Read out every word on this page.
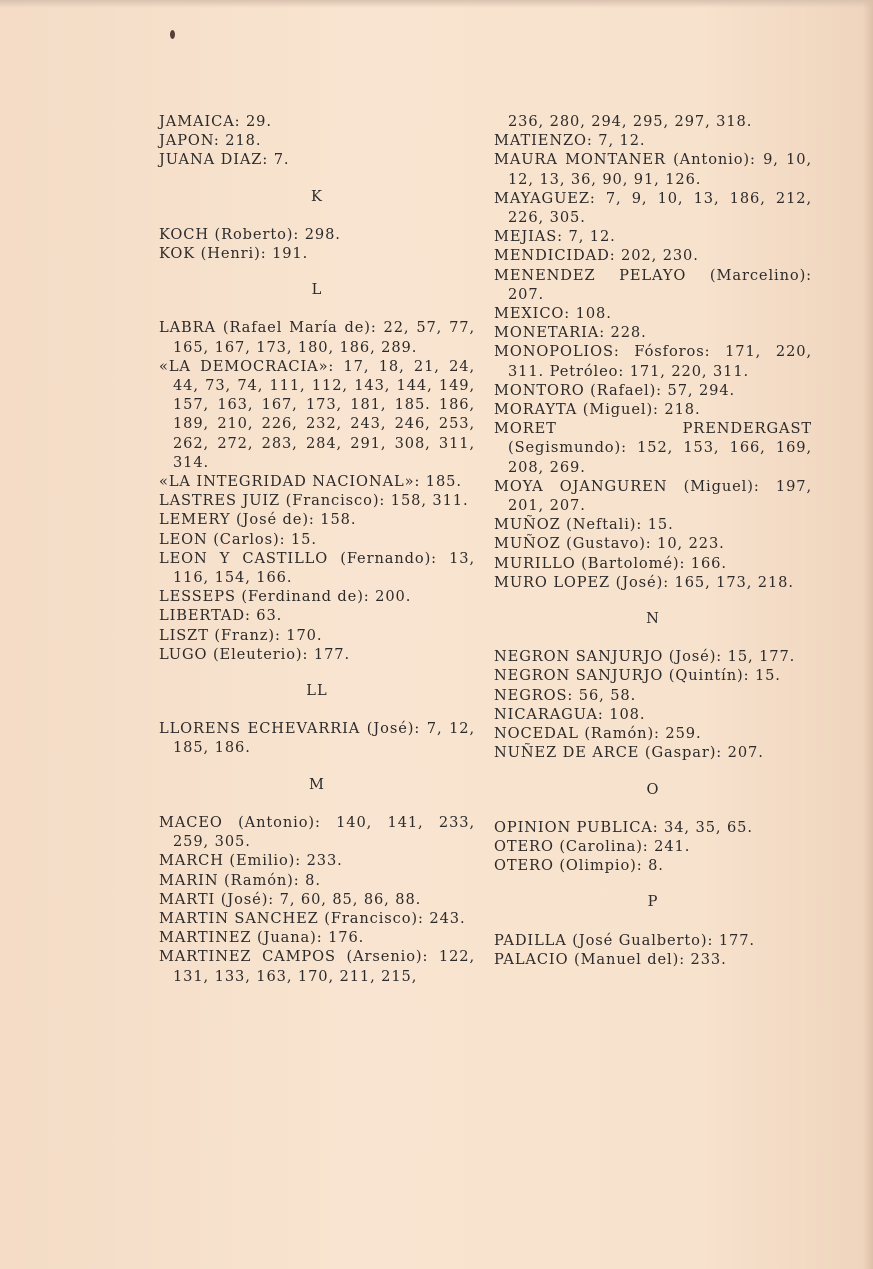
JAMAICA: 29.
JAPON: 218.
JUANA DIAZ: 7.
K
KOCH (Roberto): 298.
KOK (Henri): 191.
L
LABRA (Rafael María de): 22, 57, 77, 165, 167, 173, 180, 186, 289.
«LA DEMOCRACIA»: 17, 18, 21, 24, 44, 73, 74, 111, 112, 143, 144, 149, 157, 163, 167, 173, 181, 185. 186, 189, 210, 226, 232, 243, 246, 253, 262, 272, 283, 284, 291, 308, 311, 314.
«LA INTEGRIDAD NACIONAL»: 185.
LASTRES JUIZ (Francisco): 158, 311.
LEMERY (José de): 158.
LEON (Carlos): 15.
LEON Y CASTILLO (Fernando): 13, 116, 154, 166.
LESSEPS (Ferdinand de): 200.
LIBERTAD: 63.
LISZT (Franz): 170.
LUGO (Eleuterio): 177.
LL
LLORENS ECHEVARRIA (José): 7, 12, 185, 186.
M
MACEO (Antonio): 140, 141, 233, 259, 305.
MARCH (Emilio): 233.
MARIN (Ramón): 8.
MARTI (José): 7, 60, 85, 86, 88.
MARTIN SANCHEZ (Francisco): 243.
MARTINEZ (Juana): 176.
MARTINEZ CAMPOS (Arsenio): 122, 131, 133, 163, 170, 211, 215,
236, 280, 294, 295, 297, 318.
MATIENZO: 7, 12.
MAURA MONTANER (Antonio): 9, 10, 12, 13, 36, 90, 91, 126.
MAYAGUEZ: 7, 9, 10, 13, 186, 212, 226, 305.
MEJIAS: 7, 12.
MENDICIDAD: 202, 230.
MENENDEZ PELAYO (Marcelino): 207.
MEXICO: 108.
MONETARIA: 228.
MONOPOLIOS: Fósforos: 171, 220, 311. Petróleo: 171, 220, 311.
MONTORO (Rafael): 57, 294.
MORAYTA (Miguel): 218.
MORET PRENDERGAST (Segismundo): 152, 153, 166, 169, 208, 269.
MOYA OJANGUREN (Miguel): 197, 201, 207.
MUÑOZ (Neftali): 15.
MUÑOZ (Gustavo): 10, 223.
MURILLO (Bartolomé): 166.
MURO LOPEZ (José): 165, 173, 218.
N
NEGRON SANJURJO (José): 15, 177.
NEGRON SANJURJO (Quintín): 15.
NEGROS: 56, 58.
NICARAGUA: 108.
NOCEDAL (Ramón): 259.
NUÑEZ DE ARCE (Gaspar): 207.
O
OPINION PUBLICA: 34, 35, 65.
OTERO (Carolina): 241.
OTERO (Olimpio): 8.
P
PADILLA (José Gualberto): 177.
PALACIO (Manuel del): 233.
